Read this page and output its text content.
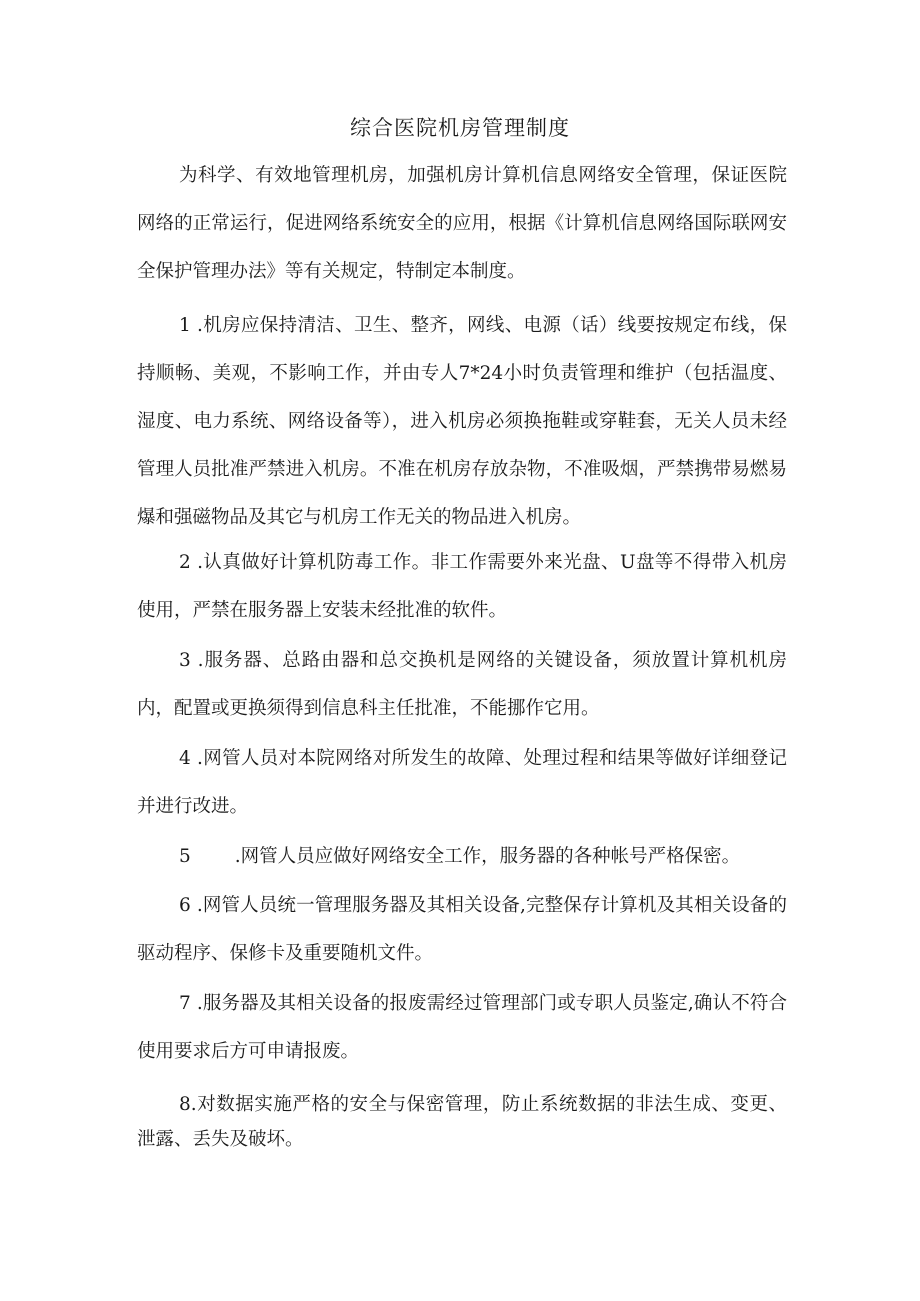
综合医院机房管理制度

为科学、有效地管理机房，加强机房计算机信息网络安全管理，保证医院网络的正常运行，促进网络系统安全的应用，根据《计算机信息网络国际联网安全保护管理办法》等有关规定，特制定本制度。

1 .机房应保持清洁、卫生、整齐，网线、电源（话）线要按规定布线，保持顺畅、美观，不影响工作，并由专人7*24小时负责管理和维护（包括温度、湿度、电力系统、网络设备等），进入机房必须换拖鞋或穿鞋套，无关人员未经管理人员批准严禁进入机房。不准在机房存放杂物，不准吸烟，严禁携带易燃易爆和强磁物品及其它与机房工作无关的物品进入机房。

2 .认真做好计算机防毒工作。非工作需要外来光盘、U盘等不得带入机房使用，严禁在服务器上安装未经批准的软件。

3 .服务器、总路由器和总交换机是网络的关键设备，须放置计算机机房内，配置或更换须得到信息科主任批准，不能挪作它用。

4 .网管人员对本院网络对所发生的故障、处理过程和结果等做好详细登记并进行改进。

5 .网管人员应做好网络安全工作，服务器的各种帐号严格保密。

6 .网管人员统一管理服务器及其相关设备,完整保存计算机及其相关设备的驱动程序、保修卡及重要随机文件。

7 .服务器及其相关设备的报废需经过管理部门或专职人员鉴定,确认不符合使用要求后方可申请报废。

8.对数据实施严格的安全与保密管理，防止系统数据的非法生成、变更、泄露、丢失及破坏。
